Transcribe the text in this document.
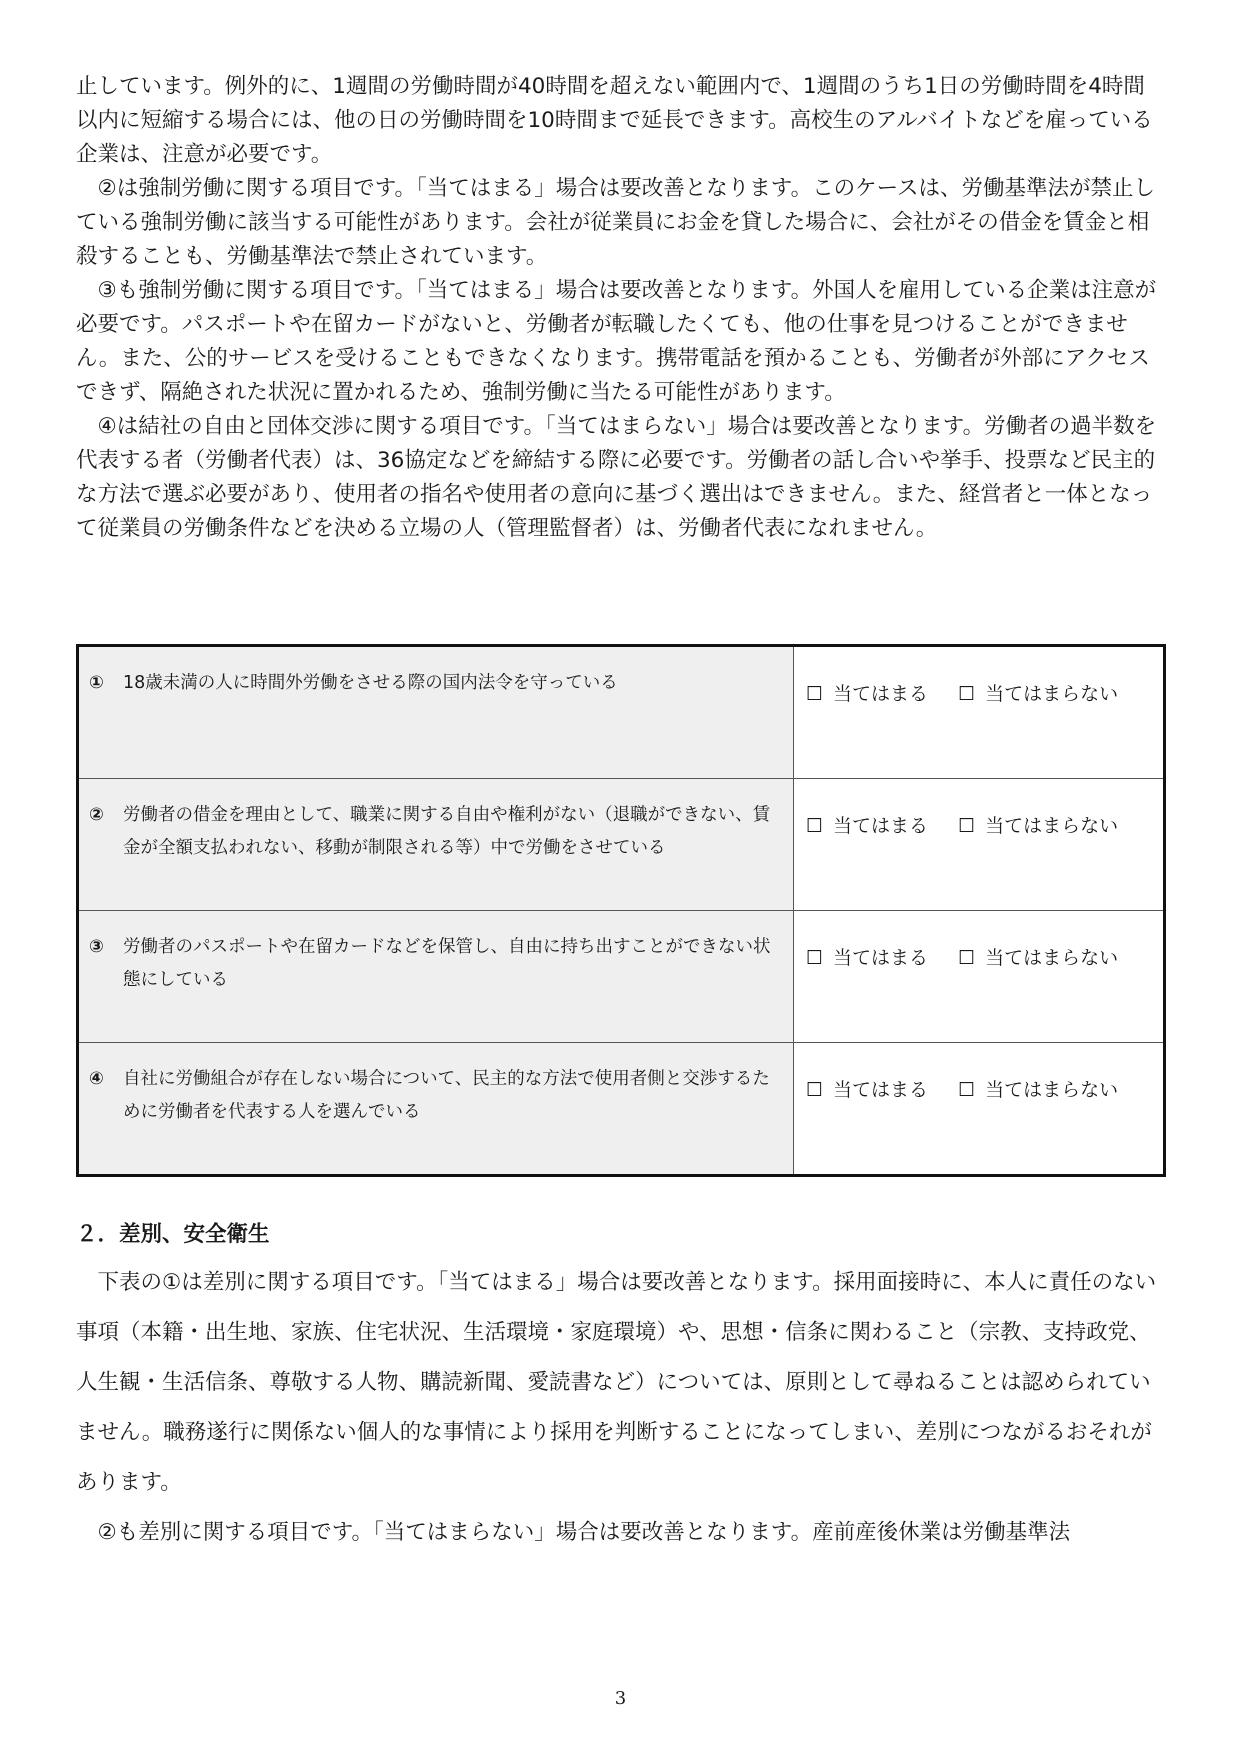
止しています。例外的に、1週間の労働時間が40時間を超えない範囲内で、1週間のうち1日の労働時間を4時間以内に短縮する場合には、他の日の労働時間を10時間まで延長できます。高校生のアルバイトなどを雇っている企業は、注意が必要です。

②は強制労働に関する項目です。「当てはまる」場合は要改善となります。このケースは、労働基準法が禁止している強制労働に該当する可能性があります。会社が従業員にお金を貸した場合に、会社がその借金を賃金と相殺することも、労働基準法で禁止されています。

③も強制労働に関する項目です。「当てはまる」場合は要改善となります。外国人を雇用している企業は注意が必要です。パスポートや在留カードがないと、労働者が転職したくても、他の仕事を見つけることができません。また、公的サービスを受けることもできなくなります。携帯電話を預かることも、労働者が外部にアクセスできず、隔絶された状況に置かれるため、強制労働に当たる可能性があります。

④は結社の自由と団体交渉に関する項目です。「当てはまらない」場合は要改善となります。労働者の過半数を代表する者（労働者代表）は、36協定などを締結する際に必要です。労働者の話し合いや挙手、投票など民主的な方法で選ぶ必要があり、使用者の指名や使用者の意向に基づく選出はできません。また、経営者と一体となって従業員の労働条件などを決める立場の人（管理監督者）は、労働者代表になれません。

① 18歳未満の人に時間外労働をさせる際の国内法令を守っている	☐ 当てはまる ☐ 当てはまらない

② 労働者の借金を理由として、職業に関する自由や権利がない（退職ができない、賃金が全額支払われない、移動が制限される等）中で労働をさせている	☐ 当てはまる ☐ 当てはまらない

③ 労働者のパスポートや在留カードなどを保管し、自由に持ち出すことができない状態にしている	☐ 当てはまる ☐ 当てはまらない

④ 自社に労働組合が存在しない場合について、民主的な方法で使用者側と交渉するために労働者を代表する人を選んでいる	☐ 当てはまる ☐ 当てはまらない
２．差別、安全衛生

下表の①は差別に関する項目です。「当てはまる」場合は要改善となります。採用面接時に、本人に責任のない事項（本籍・出生地、家族、住宅状況、生活環境・家庭環境）や、思想・信条に関わること（宗教、支持政党、人生観・生活信条、尊敬する人物、購読新聞、愛読書など）については、原則として尋ねることは認められていません。職務遂行に関係ない個人的な事情により採用を判断することになってしまい、差別につながるおそれがあります。

②も差別に関する項目です。「当てはまらない」場合は要改善となります。産前産後休業は労働基準法

3
